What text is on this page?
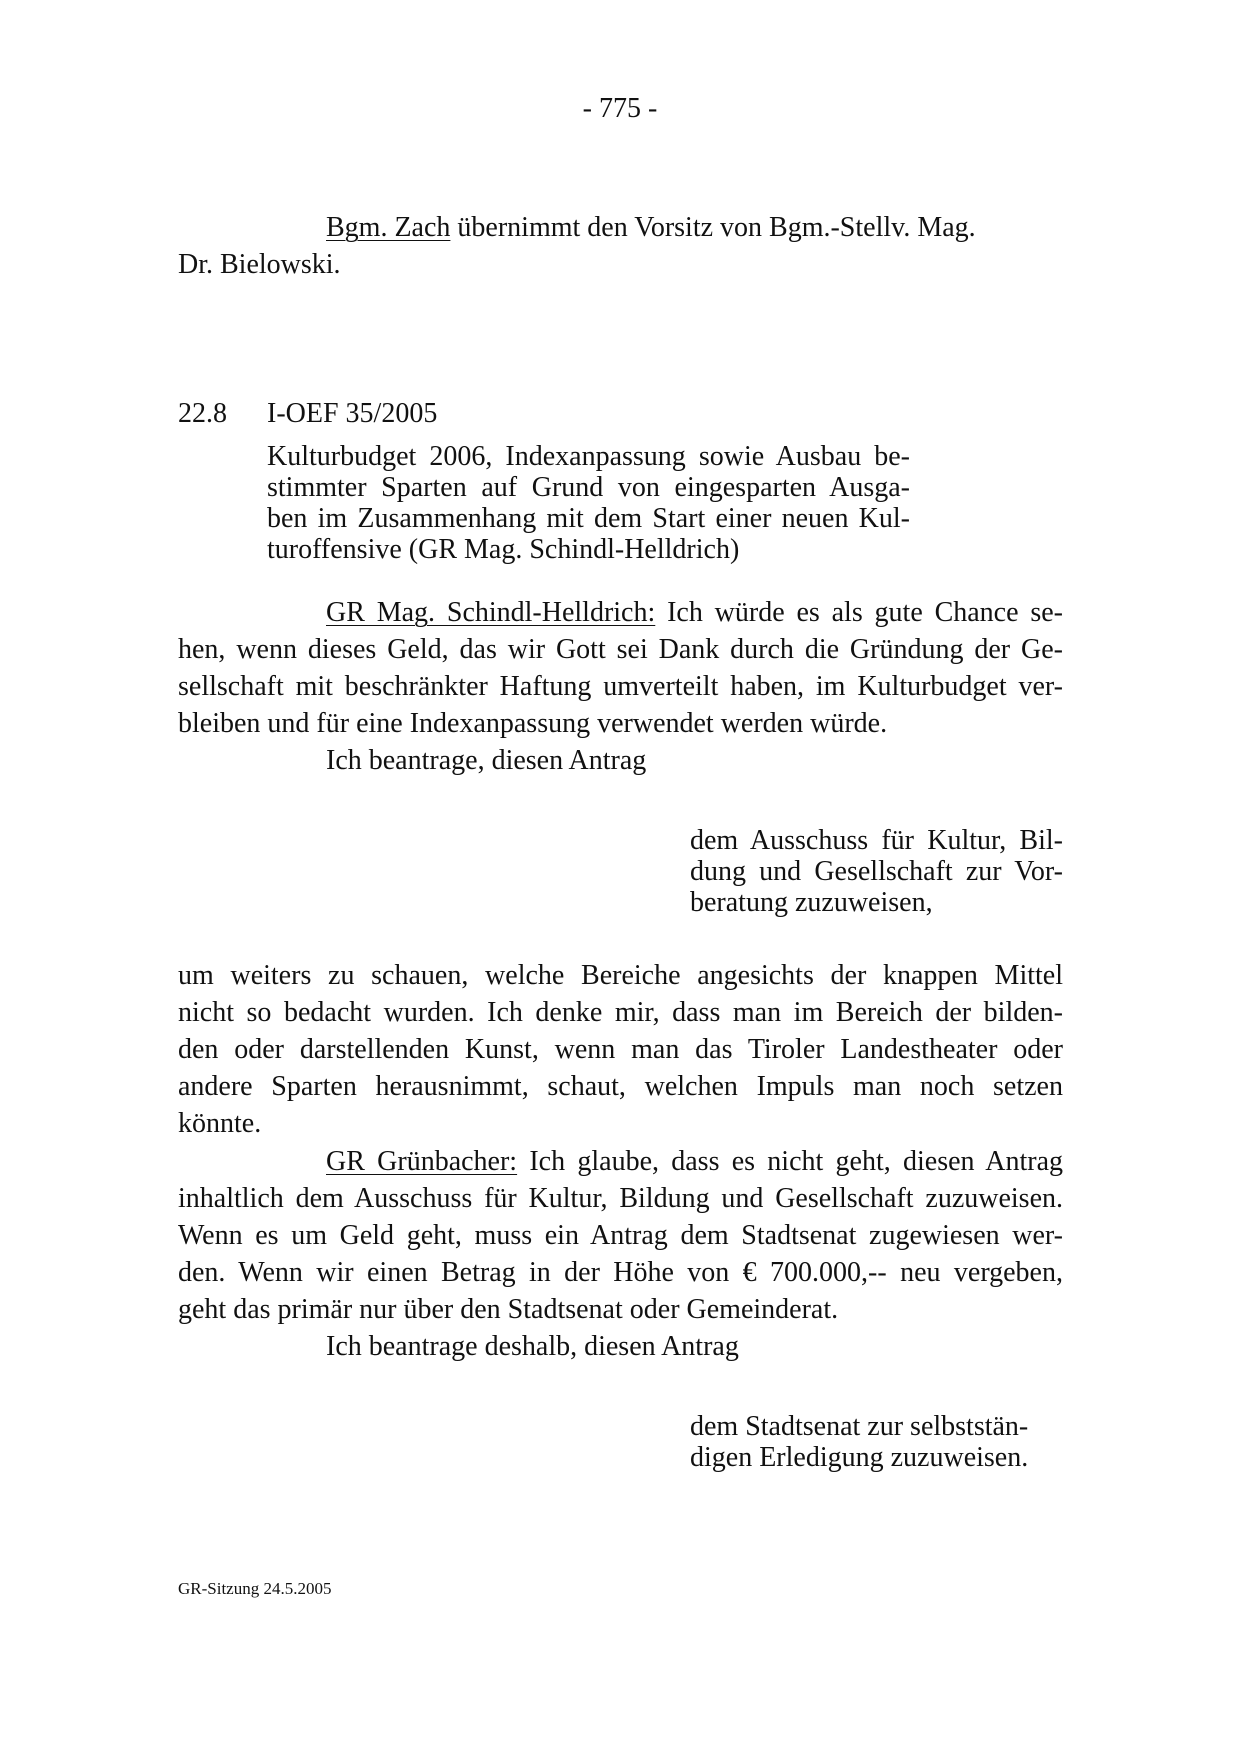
- 775 -
Bgm. Zach übernimmt den Vorsitz von Bgm.-Stellv. Mag.
Dr. Bielowski.
22.8 I-OEF 35/2005
Kulturbudget 2006, Indexanpassung sowie Ausbau be-
stimmter Sparten auf Grund von eingesparten Ausga-
ben im Zusammenhang mit dem Start einer neuen Kul-
turoffensive (GR Mag. Schindl-Helldrich)
GR Mag. Schindl-Helldrich: Ich würde es als gute Chance se-
hen, wenn dieses Geld, das wir Gott sei Dank durch die Gründung der Ge-
sellschaft mit beschränkter Haftung umverteilt haben, im Kulturbudget ver-
bleiben und für eine Indexanpassung verwendet werden würde.
Ich beantrage, diesen Antrag
dem Ausschuss für Kultur, Bil-
dung und Gesellschaft zur Vor-
beratung zuzuweisen,
um weiters zu schauen, welche Bereiche angesichts der knappen Mittel
nicht so bedacht wurden. Ich denke mir, dass man im Bereich der bilden-
den oder darstellenden Kunst, wenn man das Tiroler Landestheater oder
andere Sparten herausnimmt, schaut, welchen Impuls man noch setzen
könnte.
GR Grünbacher: Ich glaube, dass es nicht geht, diesen Antrag
inhaltlich dem Ausschuss für Kultur, Bildung und Gesellschaft zuzuweisen.
Wenn es um Geld geht, muss ein Antrag dem Stadtsenat zugewiesen wer-
den. Wenn wir einen Betrag in der Höhe von € 700.000,-- neu vergeben,
geht das primär nur über den Stadtsenat oder Gemeinderat.
Ich beantrage deshalb, diesen Antrag
dem Stadtsenat zur selbststän-
digen Erledigung zuzuweisen.
GR-Sitzung 24.5.2005
